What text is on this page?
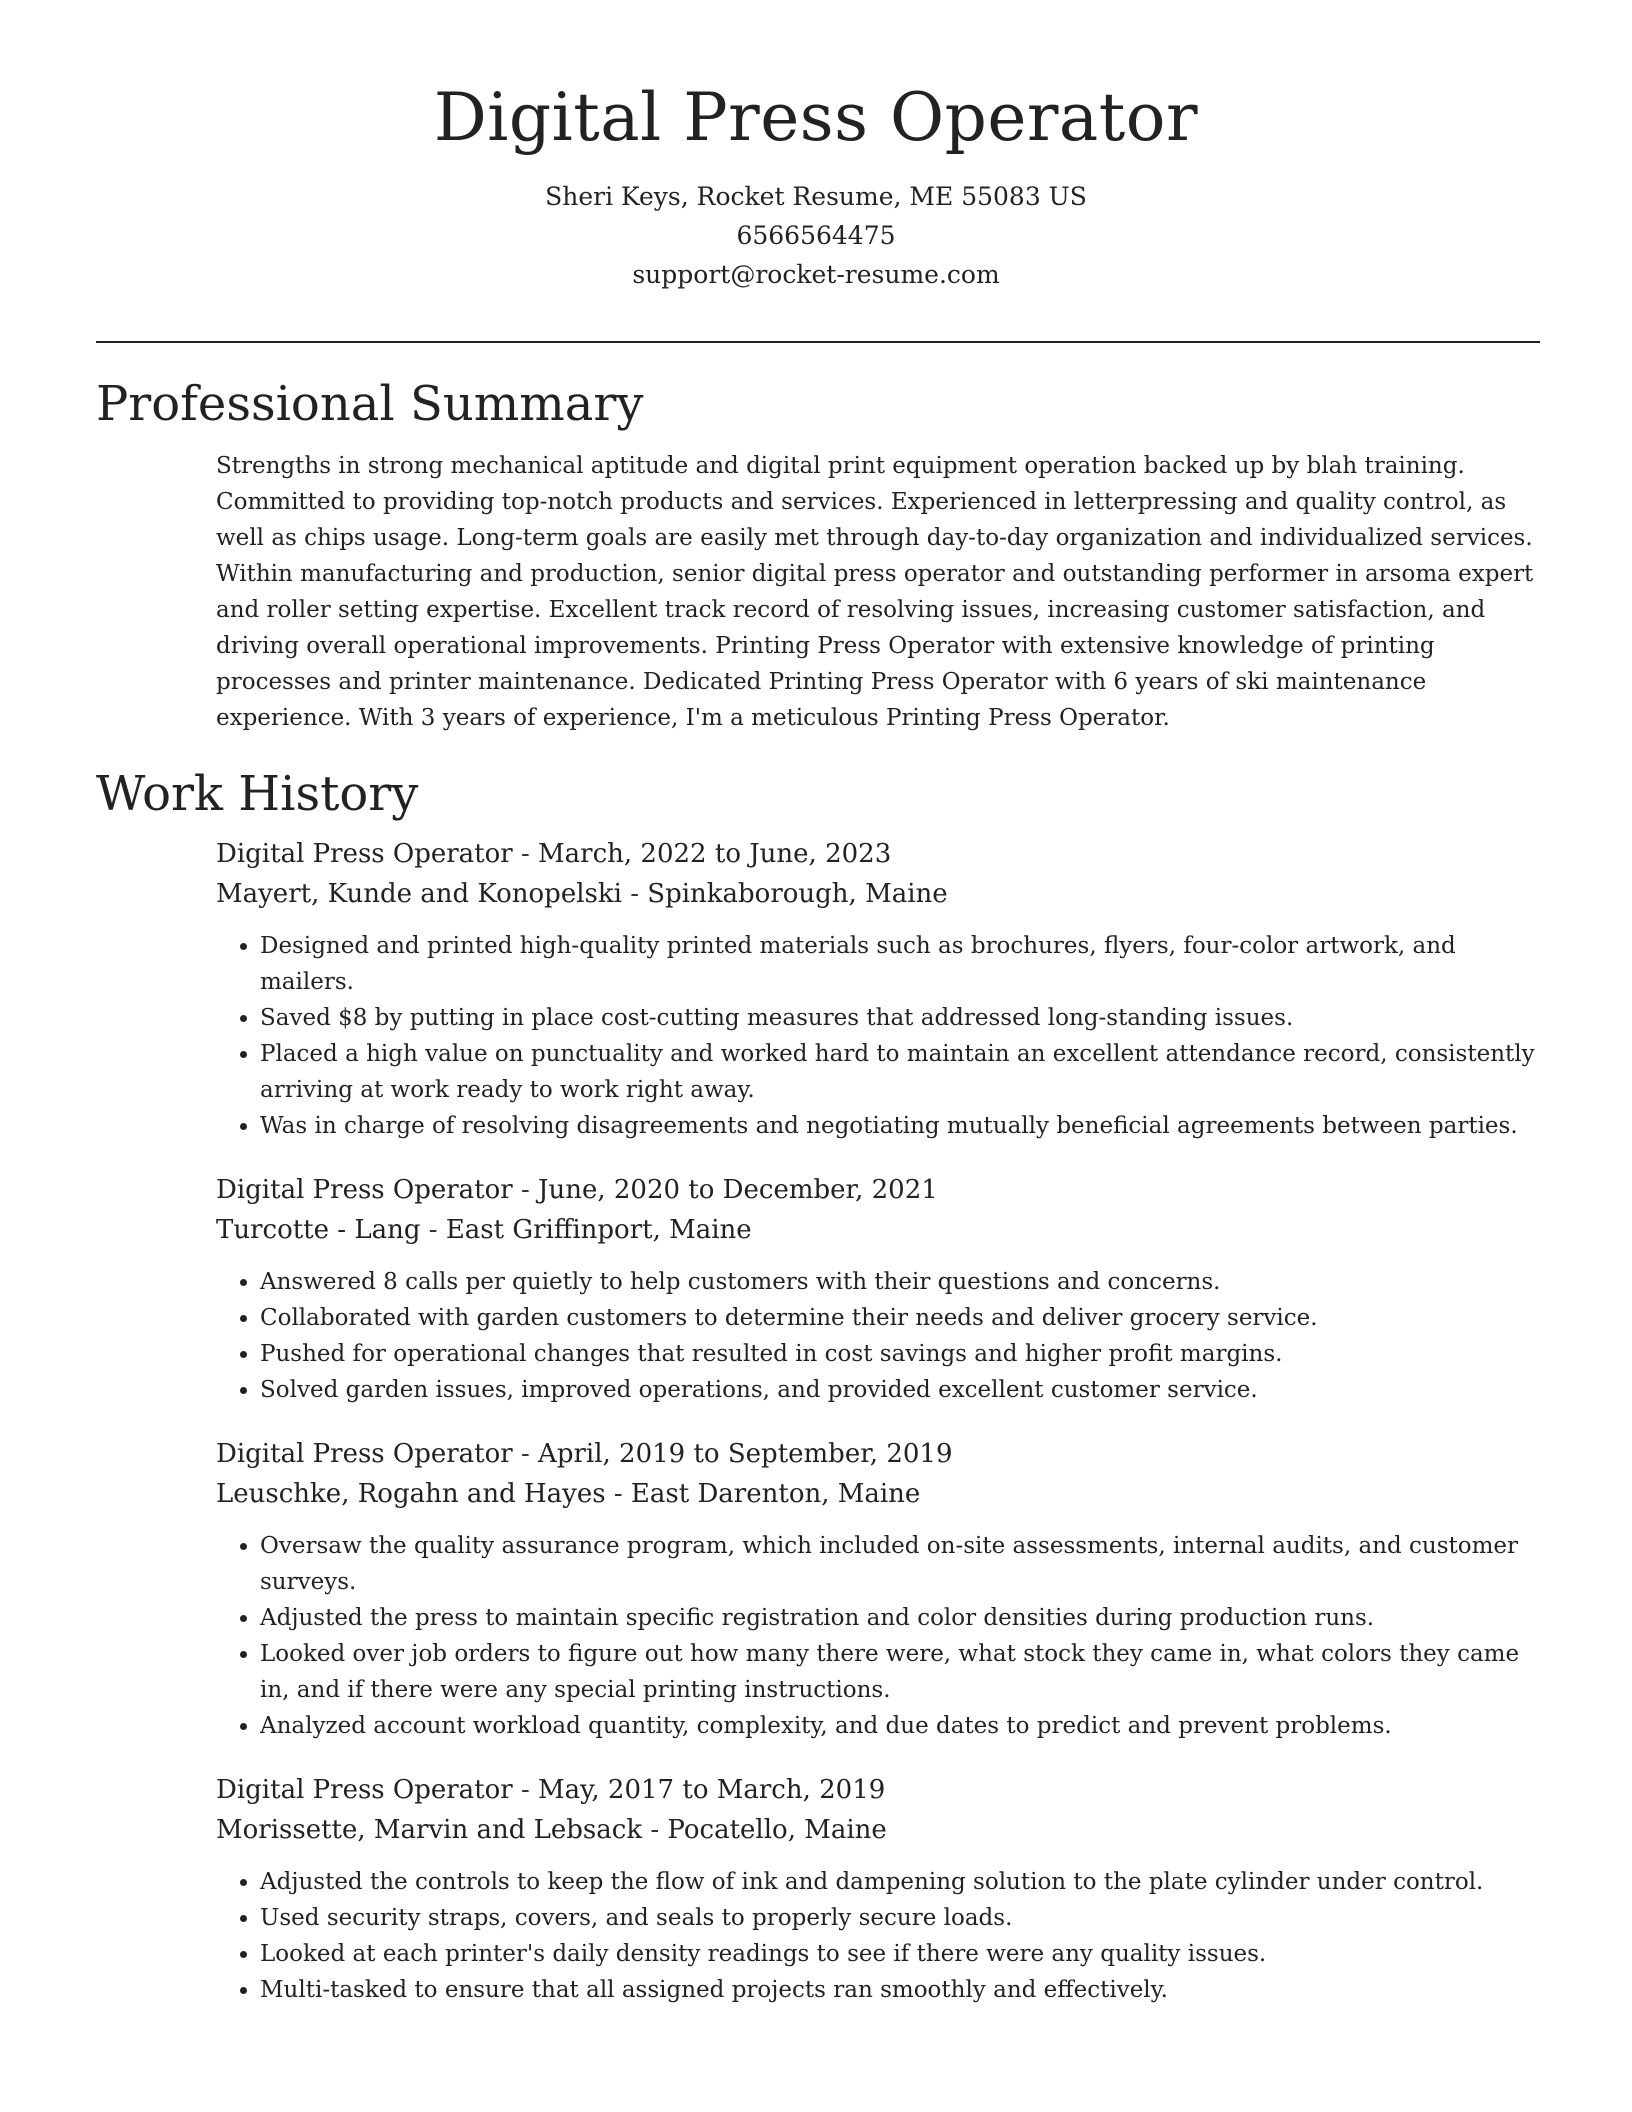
Digital Press Operator
Sheri Keys, Rocket Resume, ME 55083 US
6566564475
support@rocket-resume.com
Professional Summary
Strengths in strong mechanical aptitude and digital print equipment operation backed up by blah training. Committed to providing top-notch products and services. Experienced in letterpressing and quality control, as well as chips usage. Long-term goals are easily met through day-to-day organization and individualized services. Within manufacturing and production, senior digital press operator and outstanding performer in arsoma expert and roller setting expertise. Excellent track record of resolving issues, increasing customer satisfaction, and driving overall operational improvements. Printing Press Operator with extensive knowledge of printing processes and printer maintenance. Dedicated Printing Press Operator with 6 years of ski maintenance experience. With 3 years of experience, I'm a meticulous Printing Press Operator.
Work History
Digital Press Operator - March, 2022 to June, 2023
Mayert, Kunde and Konopelski - Spinkaborough, Maine
• Designed and printed high-quality printed materials such as brochures, flyers, four-color artwork, and mailers.
• Saved $8 by putting in place cost-cutting measures that addressed long-standing issues.
• Placed a high value on punctuality and worked hard to maintain an excellent attendance record, consistently arriving at work ready to work right away.
• Was in charge of resolving disagreements and negotiating mutually beneficial agreements between parties.
Digital Press Operator - June, 2020 to December, 2021
Turcotte - Lang - East Griffinport, Maine
• Answered 8 calls per quietly to help customers with their questions and concerns.
• Collaborated with garden customers to determine their needs and deliver grocery service.
• Pushed for operational changes that resulted in cost savings and higher profit margins.
• Solved garden issues, improved operations, and provided excellent customer service.
Digital Press Operator - April, 2019 to September, 2019
Leuschke, Rogahn and Hayes - East Darenton, Maine
• Oversaw the quality assurance program, which included on-site assessments, internal audits, and customer surveys.
• Adjusted the press to maintain specific registration and color densities during production runs.
• Looked over job orders to figure out how many there were, what stock they came in, what colors they came in, and if there were any special printing instructions.
• Analyzed account workload quantity, complexity, and due dates to predict and prevent problems.
Digital Press Operator - May, 2017 to March, 2019
Morissette, Marvin and Lebsack - Pocatello, Maine
• Adjusted the controls to keep the flow of ink and dampening solution to the plate cylinder under control.
• Used security straps, covers, and seals to properly secure loads.
• Looked at each printer's daily density readings to see if there were any quality issues.
• Multi-tasked to ensure that all assigned projects ran smoothly and effectively.
